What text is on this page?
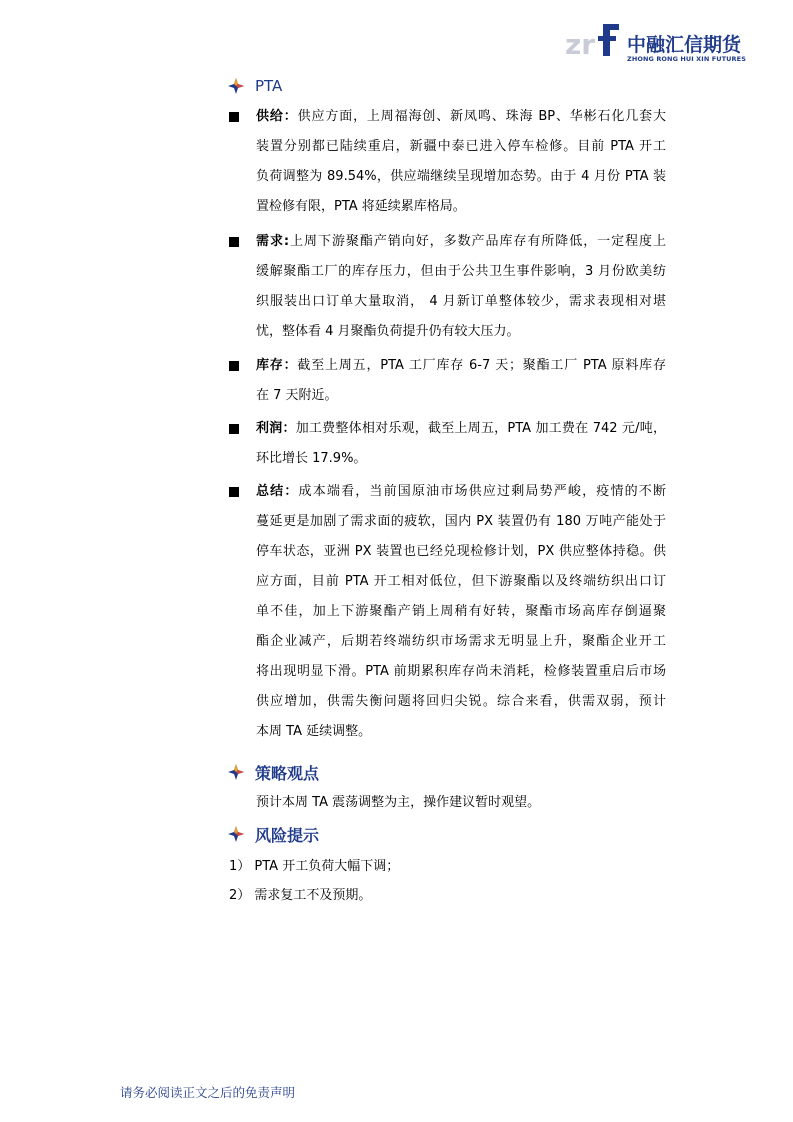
zr 中融汇信期货
ZHONG RONG HUI XIN FUTURES
PTA
供给：供应方面，上周福海创、新凤鸣、珠海 BP、华彬石化几套大
装置分别都已陆续重启，新疆中泰已进入停车检修。目前 PTA 开工
负荷调整为 89.54%，供应端继续呈现增加态势。由于 4 月份 PTA 装
置检修有限，PTA 将延续累库格局。
需求:上周下游聚酯产销向好，多数产品库存有所降低，一定程度上
缓解聚酯工厂的库存压力，但由于公共卫生事件影响，3 月份欧美纺
织服装出口订单大量取消， 4 月新订单整体较少，需求表现相对堪
忧，整体看 4 月聚酯负荷提升仍有较大压力。
库存：截至上周五，PTA 工厂库存 6-7 天；聚酯工厂 PTA 原料库存
在 7 天附近。
利润：加工费整体相对乐观，截至上周五，PTA 加工费在 742 元/吨，
环比增长 17.9%。
总结：成本端看，当前国原油市场供应过剩局势严峻，疫情的不断
蔓延更是加剧了需求面的疲软，国内 PX 装置仍有 180 万吨产能处于
停车状态，亚洲 PX 装置也已经兑现检修计划，PX 供应整体持稳。供
应方面，目前 PTA 开工相对低位，但下游聚酯以及终端纺织出口订
单不佳，加上下游聚酯产销上周稍有好转，聚酯市场高库存倒逼聚
酯企业减产，后期若终端纺织市场需求无明显上升，聚酯企业开工
将出现明显下滑。PTA 前期累积库存尚未消耗，检修装置重启后市场
供应增加，供需失衡问题将回归尖锐。综合来看，供需双弱，预计
本周 TA 延续调整。
策略观点
预计本周 TA 震荡调整为主，操作建议暂时观望。
风险提示
1） PTA 开工负荷大幅下调；
2） 需求复工不及预期。
请务必阅读正文之后的免责声明
